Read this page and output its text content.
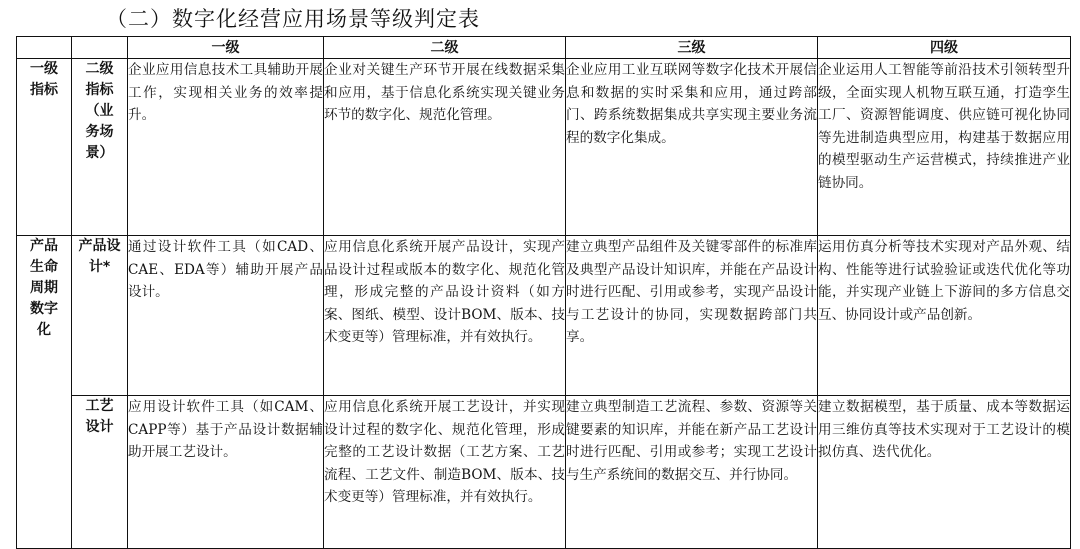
（二）数字化经营应用场景等级判定表
		一级	二级	三级	四级
一级指标	二级指标（业务场景）	企业应用信息技术工具辅助开展工作，实现相关业务的效率提升。	企业对关键生产环节开展在线数据采集和应用，基于信息化系统实现关键业务环节的数字化、规范化管理。	企业应用工业互联网等数字化技术开展信息和数据的实时采集和应用，通过跨部门、跨系统数据集成共享实现主要业务流程的数字化集成。	企业运用人工智能等前沿技术引领转型升级，全面实现人机物互联互通，打造孪生工厂、资源智能调度、供应链可视化协同等先进制造典型应用，构建基于数据应用的模型驱动生产运营模式，持续推进产业链协同。
产品生命周期数字化	产品设计*	通过设计软件工具（如CAD、CAE、EDA等）辅助开展产品设计。	应用信息化系统开展产品设计，实现产品设计过程或版本的数字化、规范化管理，形成完整的产品设计资料（如方案、图纸、模型、设计BOM、版本、技术变更等）管理标准，并有效执行。	建立典型产品组件及关键零部件的标准库及典型产品设计知识库，并能在产品设计时进行匹配、引用或参考，实现产品设计与工艺设计的协同，实现数据跨部门共享。	运用仿真分析等技术实现对产品外观、结构、性能等进行试验验证或迭代优化等功能，并实现产业链上下游间的多方信息交互、协同设计或产品创新。
	工艺设计	应用设计软件工具（如CAM、CAPP等）基于产品设计数据辅助开展工艺设计。	应用信息化系统开展工艺设计，并实现设计过程的数字化、规范化管理，形成完整的工艺设计数据（工艺方案、工艺流程、工艺文件、制造BOM、版本、技术变更等）管理标准，并有效执行。	建立典型制造工艺流程、参数、资源等关键要素的知识库，并能在新产品工艺设计时进行匹配、引用或参考；实现工艺设计与生产系统间的数据交互、并行协同。	建立数据模型，基于质量、成本等数据运用三维仿真等技术实现对于工艺设计的模拟仿真、迭代优化。
